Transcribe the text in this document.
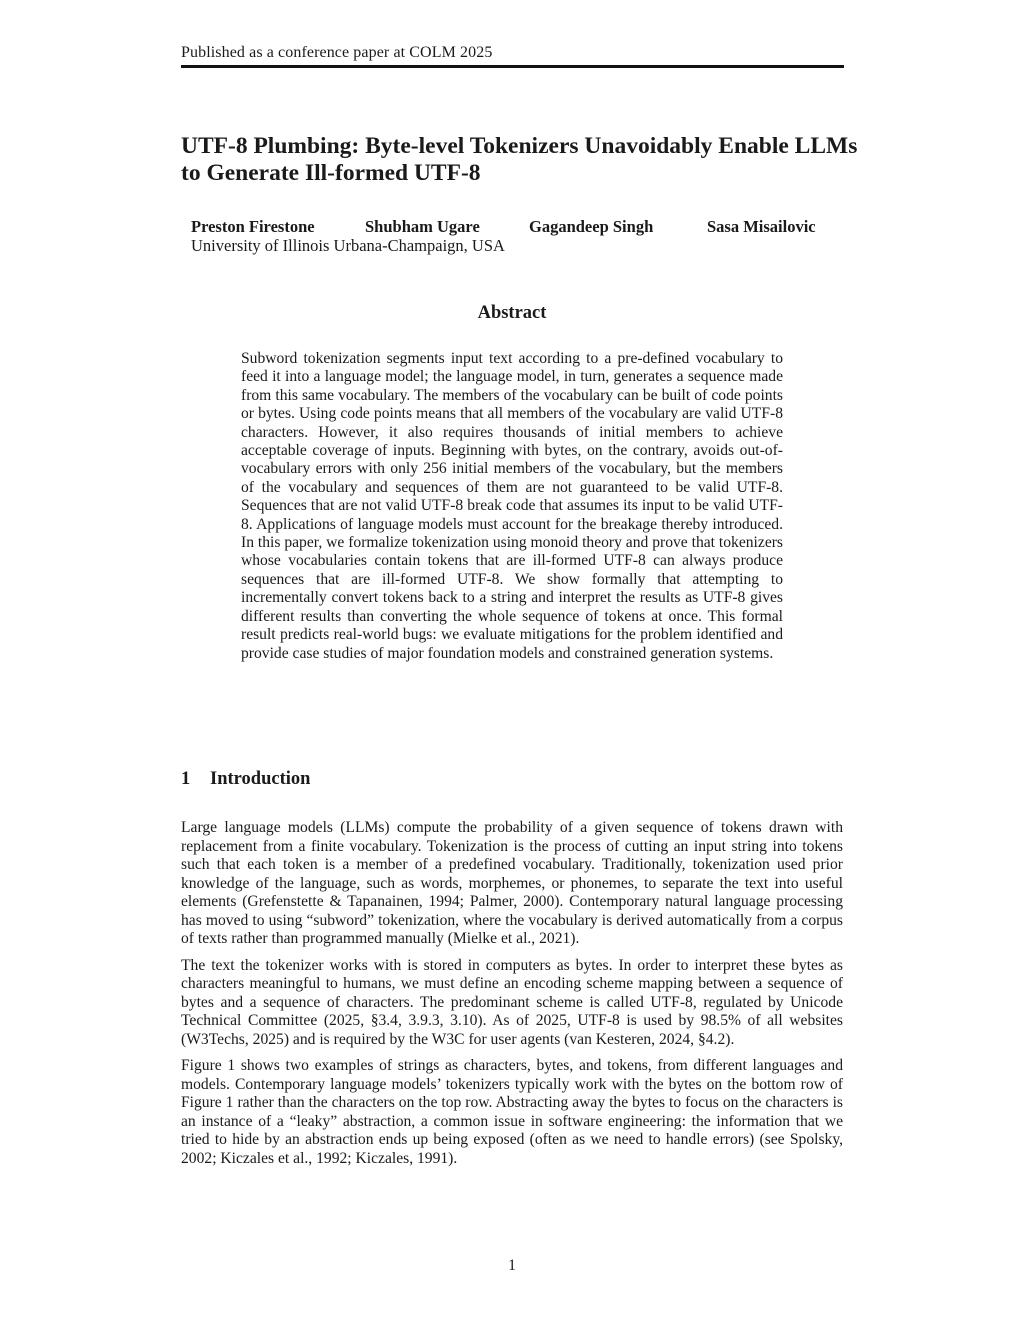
Published as a conference paper at COLM 2025
UTF-8 Plumbing: Byte-level Tokenizers Unavoidably Enable LLMs to Generate Ill-formed UTF-8
Preston Firestone	Shubham Ugare	Gagandeep Singh	Sasa Misailovic
University of Illinois Urbana-Champaign, USA
Abstract

Subword tokenization segments input text according to a pre-defined vocabulary to feed it into a language model; the language model, in turn, generates a sequence made from this same vocabulary. The members of the vocabulary can be built of code points or bytes. Using code points means that all members of the vocabulary are valid UTF-8 characters. However, it also requires thousands of initial members to achieve acceptable coverage of inputs. Beginning with bytes, on the contrary, avoids out-of-vocabulary errors with only 256 initial members of the vocabulary, but the members of the vocabulary and sequences of them are not guaranteed to be valid UTF-8. Sequences that are not valid UTF-8 break code that assumes its input to be valid UTF-8. Applications of language models must account for the breakage thereby introduced. In this paper, we formalize tokenization using monoid theory and prove that tokenizers whose vocabularies contain tokens that are ill-formed UTF-8 can always produce sequences that are ill-formed UTF-8. We show formally that attempting to incrementally convert tokens back to a string and interpret the results as UTF-8 gives different results than converting the whole sequence of tokens at once. This formal result predicts real-world bugs: we evaluate mitigations for the problem identified and provide case studies of major foundation models and constrained generation systems.

1 Introduction

Large language models (LLMs) compute the probability of a given sequence of tokens drawn with replacement from a finite vocabulary. Tokenization is the process of cutting an input string into tokens such that each token is a member of a predefined vocabulary. Traditionally, tokenization used prior knowledge of the language, such as words, morphemes, or phonemes, to separate the text into useful elements (Grefenstette & Tapanainen, 1994; Palmer, 2000). Contemporary natural language processing has moved to using “subword” tokenization, where the vocabulary is derived automatically from a corpus of texts rather than programmed manually (Mielke et al., 2021).

The text the tokenizer works with is stored in computers as bytes. In order to interpret these bytes as characters meaningful to humans, we must define an encoding scheme mapping between a sequence of bytes and a sequence of characters. The predominant scheme is called UTF-8, regulated by Unicode Technical Committee (2025, §3.4, 3.9.3, 3.10). As of 2025, UTF-8 is used by 98.5% of all websites (W3Techs, 2025) and is required by the W3C for user agents (van Kesteren, 2024, §4.2).

Figure 1 shows two examples of strings as characters, bytes, and tokens, from different languages and models. Contemporary language models’ tokenizers typically work with the bytes on the bottom row of Figure 1 rather than the characters on the top row. Abstracting away the bytes to focus on the characters is an instance of a “leaky” abstraction, a common issue in software engineering: the information that we tried to hide by an abstraction ends up being exposed (often as we need to handle errors) (see Spolsky, 2002; Kiczales et al., 1992; Kiczales, 1991).

1
